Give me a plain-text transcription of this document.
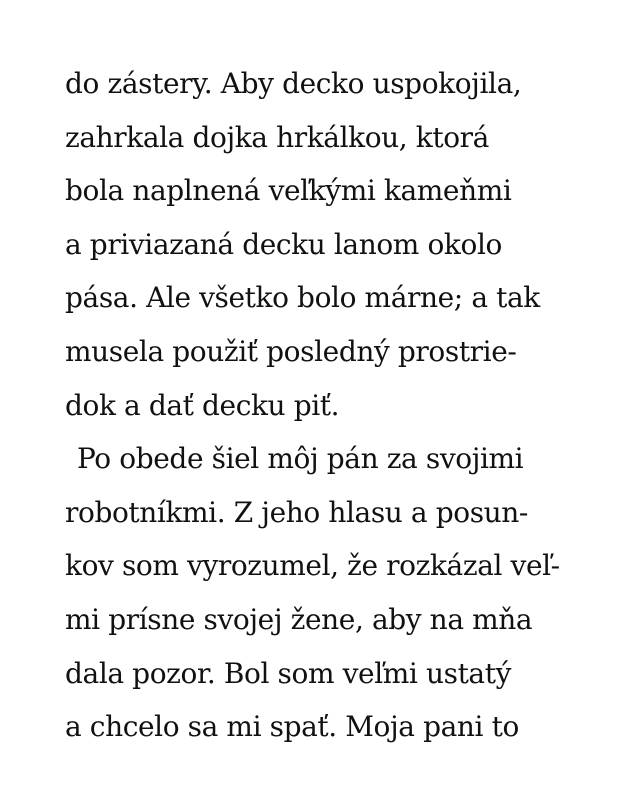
do zástery. Aby decko uspokojila,
zahrkala dojka hrkálkou, ktorá
bola naplnená veľkými kameňmi
a priviazaná decku lanom okolo
pása. Ale všetko bolo márne; a tak
musela použiť posledný prostrie-
dok a dať decku piť.
Po obede šiel môj pán za svojimi
robotníkmi. Z jeho hlasu a posun-
kov som vyrozumel, že rozkázal veľ-
mi prísne svojej žene, aby na mňa
dala pozor. Bol som veľmi ustatý
a chcelo sa mi spať. Moja pani to
